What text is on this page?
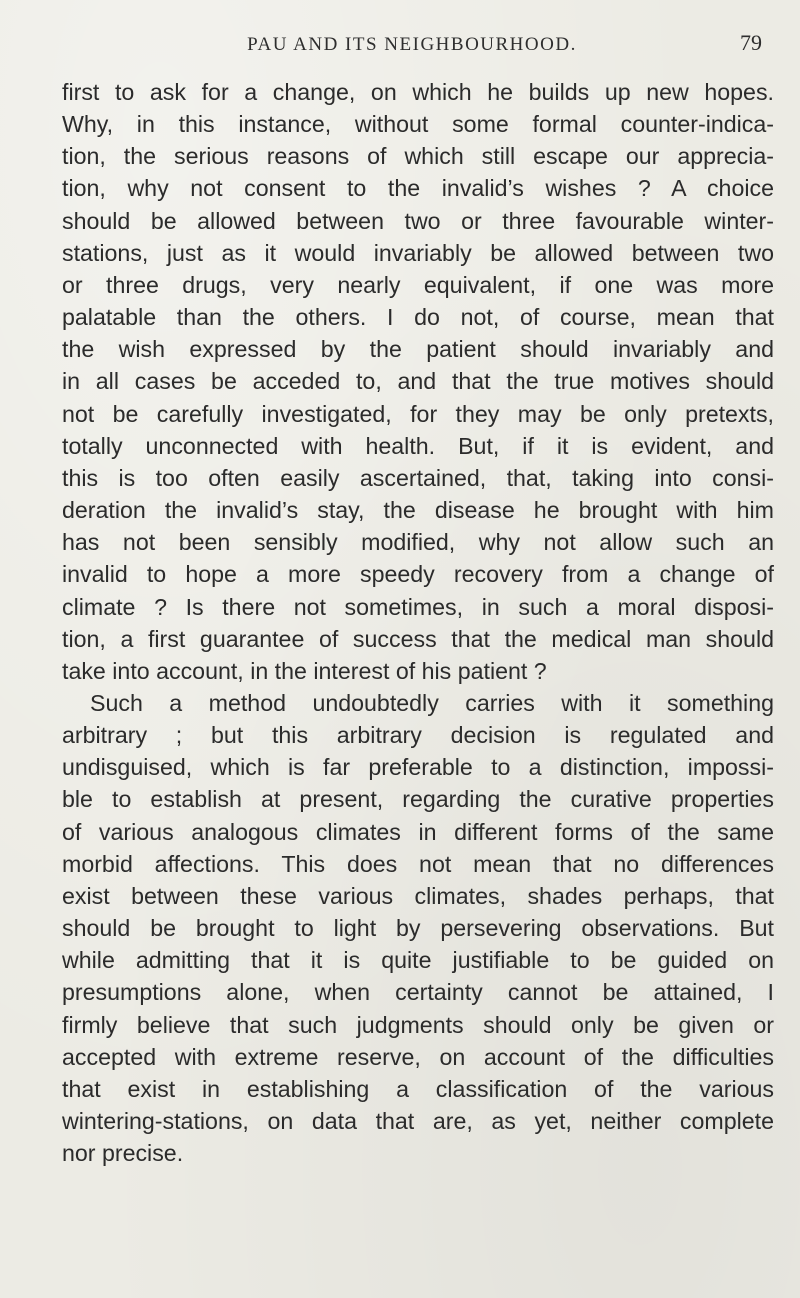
PAU AND ITS NEIGHBOURHOOD.	79
first to ask for a change, on which he builds up new hopes.
Why, in this instance, without some formal counter-indica-
tion, the serious reasons of which still escape our apprecia-
tion, why not consent to the invalid’s wishes ? A choice
should be allowed between two or three favourable winter-
stations, just as it would invariably be allowed between two
or three drugs, very nearly equivalent, if one was more
palatable than the others. I do not, of course, mean that
the wish expressed by the patient should invariably and
in all cases be acceded to, and that the true motives should
not be carefully investigated, for they may be only pretexts,
totally unconnected with health. But, if it is evident, and
this is too often easily ascertained, that, taking into consi-
deration the invalid’s stay, the disease he brought with him
has not been sensibly modified, why not allow such an
invalid to hope a more speedy recovery from a change of
climate ? Is there not sometimes, in such a moral disposi-
tion, a first guarantee of success that the medical man should
take into account, in the interest of his patient ?
Such a method undoubtedly carries with it something
arbitrary ; but this arbitrary decision is regulated and
undisguised, which is far preferable to a distinction, impossi-
ble to establish at present, regarding the curative properties
of various analogous climates in different forms of the same
morbid affections. This does not mean that no differences
exist between these various climates, shades perhaps, that
should be brought to light by persevering observations. But
while admitting that it is quite justifiable to be guided on
presumptions alone, when certainty cannot be attained, I
firmly believe that such judgments should only be given or
accepted with extreme reserve, on account of the difficulties
that exist in establishing a classification of the various
wintering-stations, on data that are, as yet, neither complete
nor precise.
